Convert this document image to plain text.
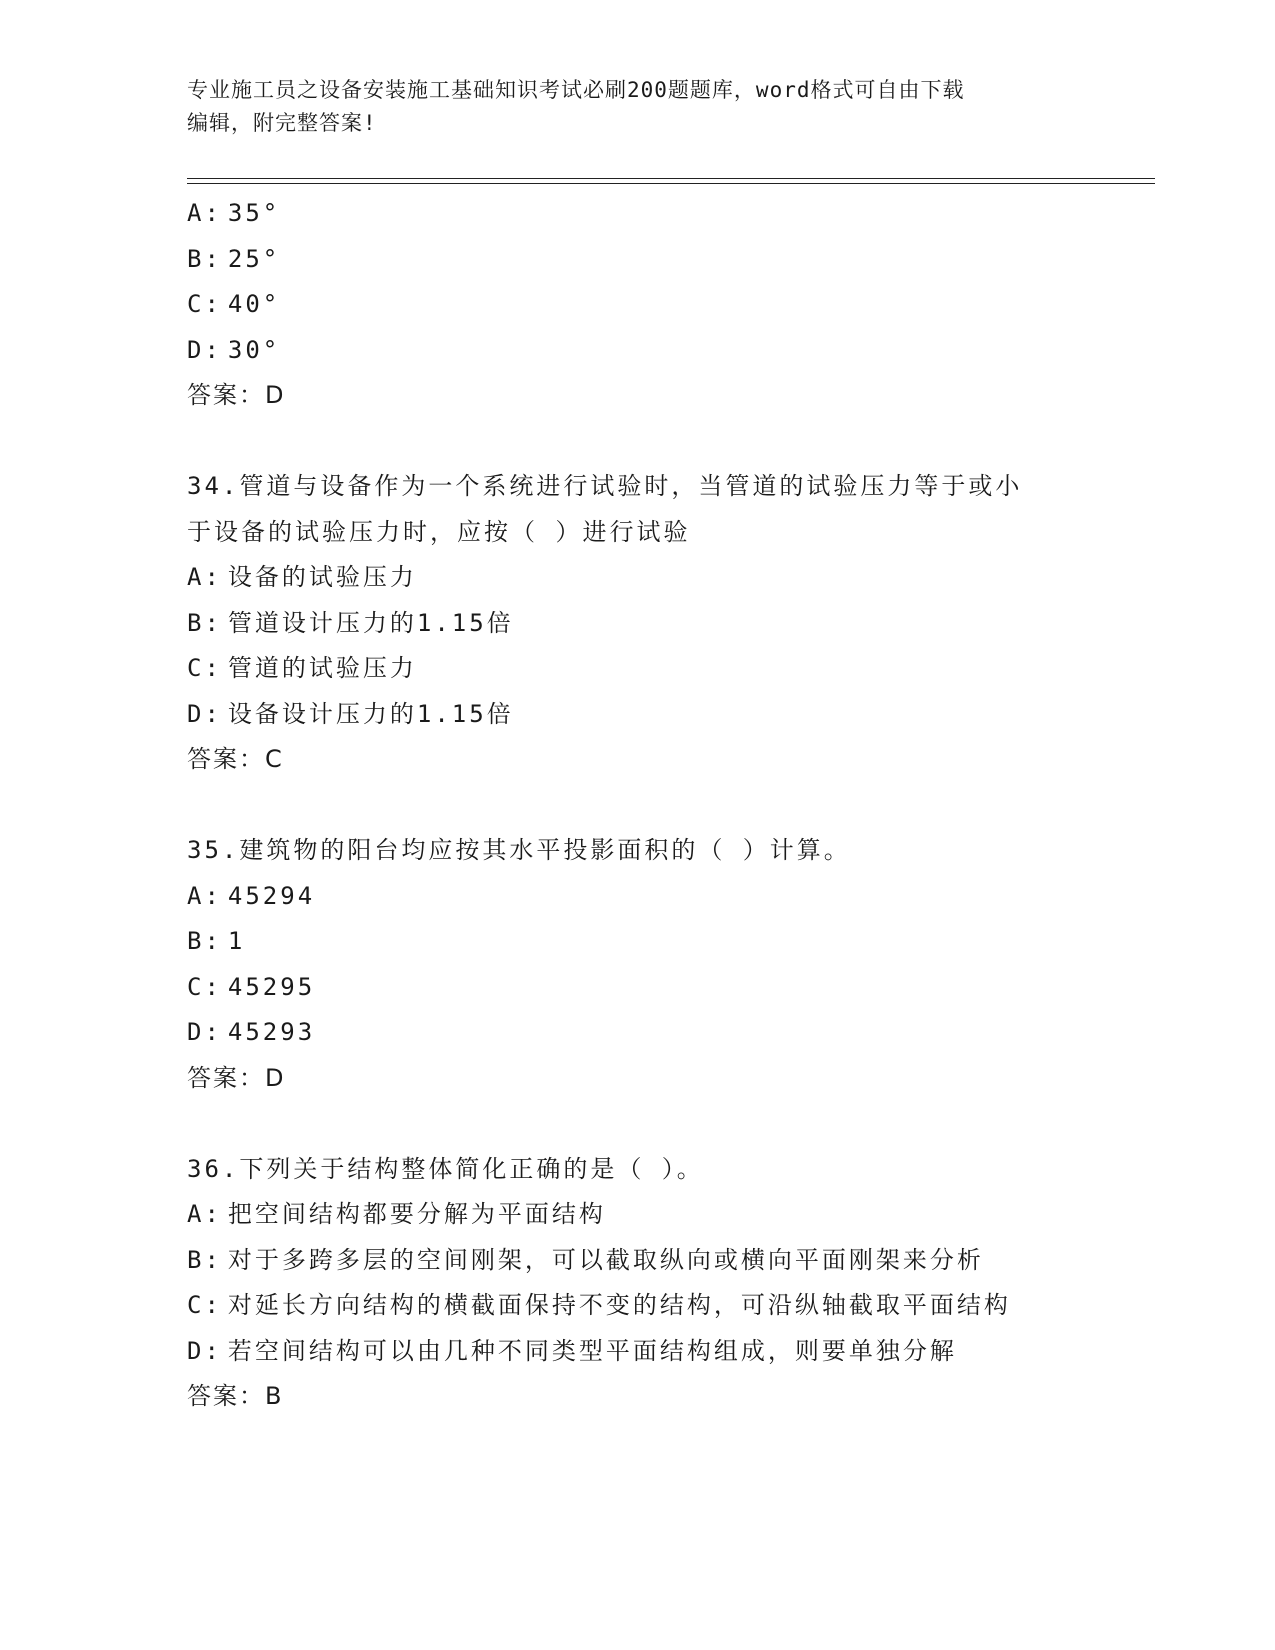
专业施工员之设备安装施工基础知识考试必刷200题题库，word格式可自由下载
编辑，附完整答案!
A: 35°
B: 25°
C: 40°
D: 30°
答案：D
34.管道与设备作为一个系统进行试验时，当管道的试验压力等于或小
于设备的试验压力时，应按（ ）进行试验
A: 设备的试验压力
B: 管道设计压力的1.15倍
C: 管道的试验压力
D: 设备设计压力的1.15倍
答案：C
35.建筑物的阳台均应按其水平投影面积的（ ）计算。
A: 45294
B: 1
C: 45295
D: 45293
答案：D
36.下列关于结构整体简化正确的是（ ）。
A: 把空间结构都要分解为平面结构
B: 对于多跨多层的空间刚架，可以截取纵向或横向平面刚架来分析
C: 对延长方向结构的横截面保持不变的结构，可沿纵轴截取平面结构
D: 若空间结构可以由几种不同类型平面结构组成，则要单独分解
答案：B
